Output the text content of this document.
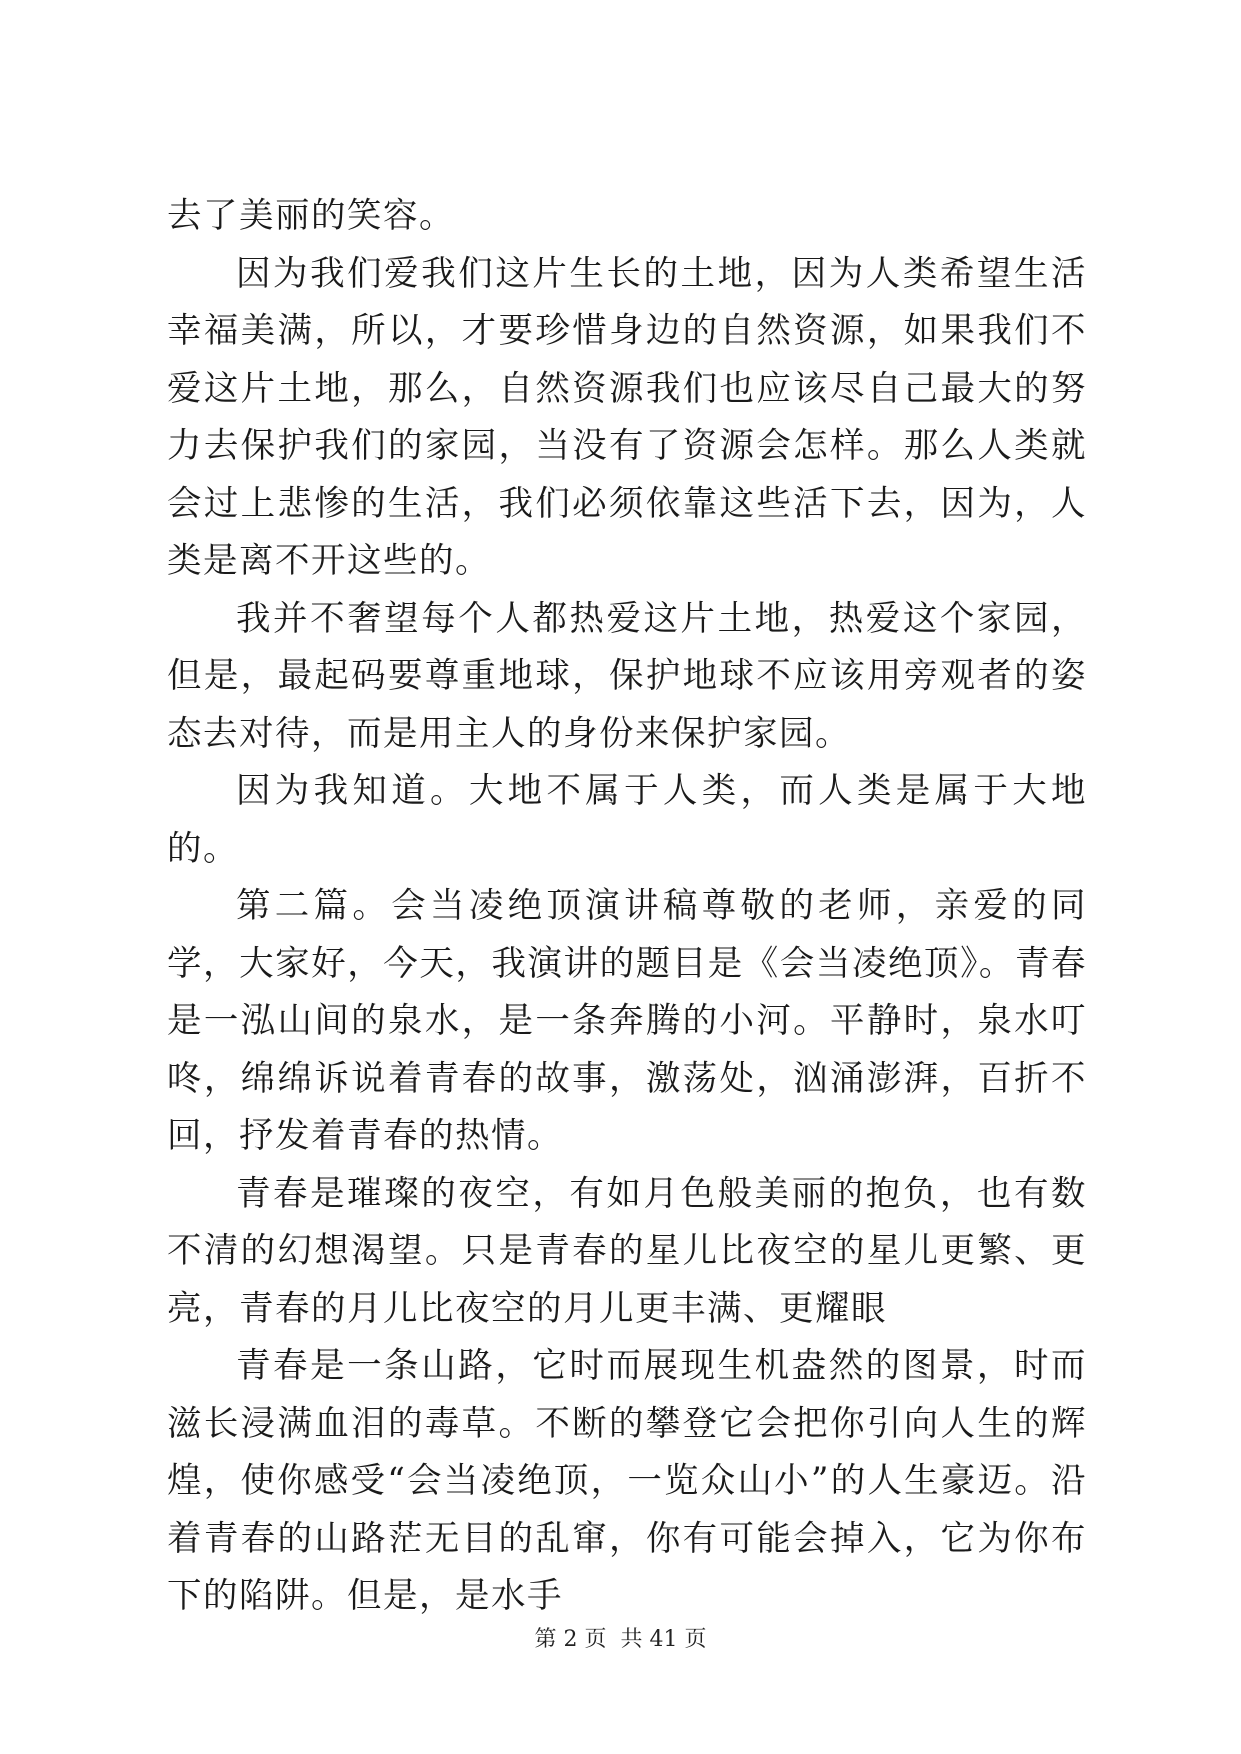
去了美丽的笑容。

因为我们爱我们这片生长的土地，因为人类希望生活幸福美满，所以，才要珍惜身边的自然资源，如果我们不爱这片土地，那么，自然资源我们也应该尽自己最大的努力去保护我们的家园，当没有了资源会怎样。那么人类就会过上悲惨的生活，我们必须依靠这些活下去，因为，人类是离不开这些的。

我并不奢望每个人都热爱这片土地，热爱这个家园，但是，最起码要尊重地球，保护地球不应该用旁观者的姿态去对待，而是用主人的身份来保护家园。

因为我知道。大地不属于人类，而人类是属于大地的。

第二篇。会当凌绝顶演讲稿尊敬的老师，亲爱的同学，大家好，今天，我演讲的题目是《会当凌绝顶》。青春是一泓山间的泉水，是一条奔腾的小河。平静时，泉水叮咚，绵绵诉说着青春的故事，激荡处，汹涌澎湃，百折不回，抒发着青春的热情。

青春是璀璨的夜空，有如月色般美丽的抱负，也有数不清的幻想渴望。只是青春的星儿比夜空的星儿更繁、更亮，青春的月儿比夜空的月儿更丰满、更耀眼

青春是一条山路，它时而展现生机盎然的图景，时而滋长浸满血泪的毒草。不断的攀登它会把你引向人生的辉煌，使你感受“会当凌绝顶，一览众山小”的人生豪迈。沿着青春的山路茫无目的乱窜，你有可能会掉入，它为你布下的陷阱。但是，是水手

第 2 页  共 41 页
